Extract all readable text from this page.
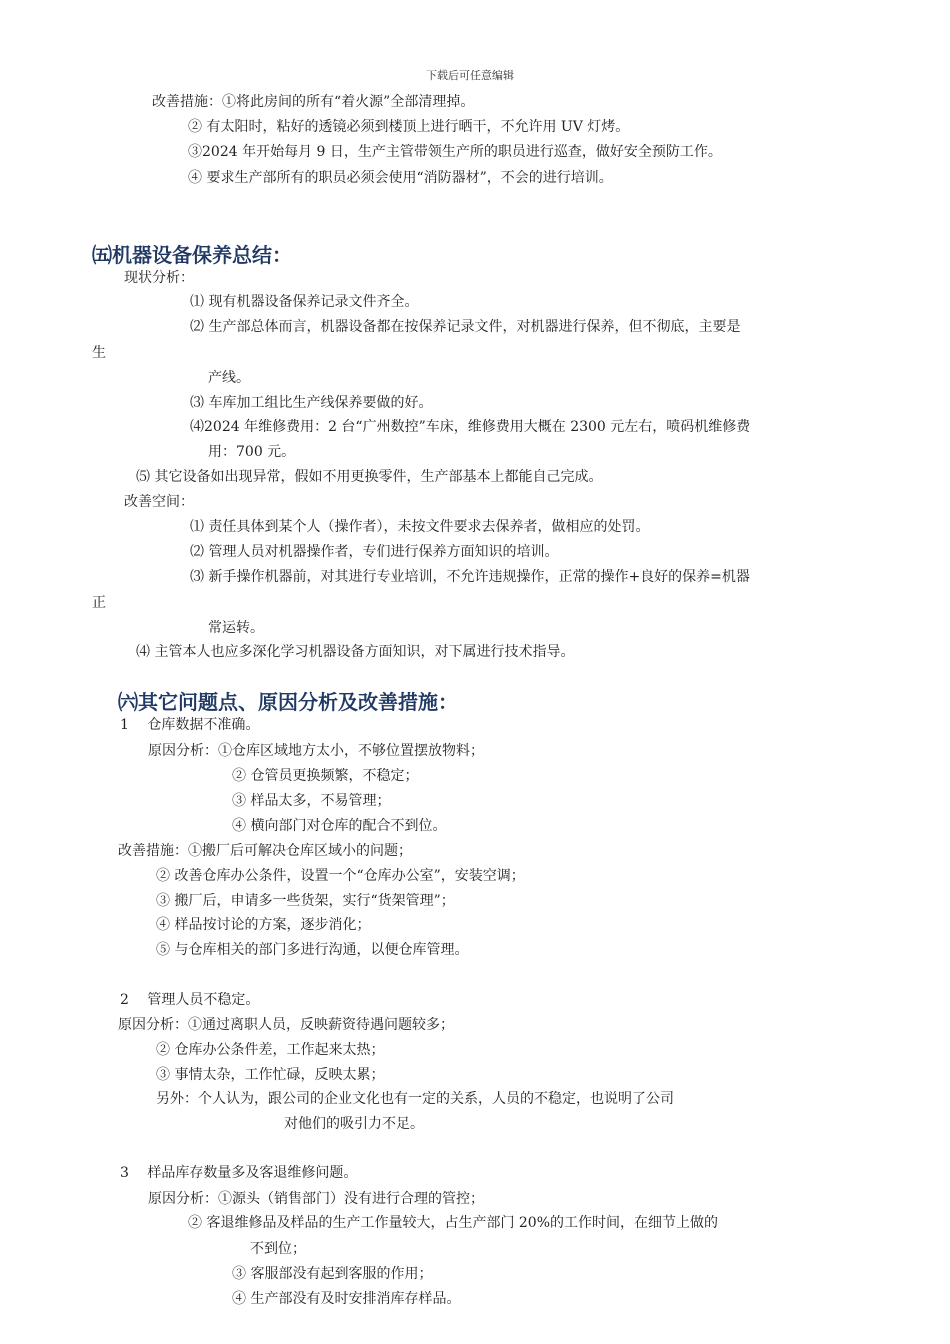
下载后可任意编辑
改善措施：①将此房间的所有“着火源”全部清理掉。
② 有太阳时，粘好的透镜必须到楼顶上进行晒干，不允许用 UV 灯烤。
③2024 年开始每月 9 日，生产主管带领生产所的职员进行巡查，做好安全预防工作。
④ 要求生产部所有的职员必须会使用“消防器材”，不会的进行培训。
㈤机器设备保养总结：
现状分析：
⑴ 现有机器设备保养记录文件齐全。
⑵ 生产部总体而言，机器设备都在按保养记录文件，对机器进行保养，但不彻底，主要是
生
产线。
⑶ 车库加工组比生产线保养要做的好。
⑷2024 年维修费用：2 台“广州数控”车床，维修费用大概在 2300 元左右，喷码机维修费
用：700 元。
⑸ 其它设备如出现异常，假如不用更换零件，生产部基本上都能自己完成。
改善空间：
⑴ 责任具体到某个人（操作者），未按文件要求去保养者，做相应的处罚。
⑵ 管理人员对机器操作者，专们进行保养方面知识的培训。
⑶ 新手操作机器前，对其进行专业培训，不允许违规操作，正常的操作+良好的保养=机器
正
常运转。
⑷ 主管本人也应多深化学习机器设备方面知识，对下属进行技术指导。
㈥其它问题点、原因分析及改善措施：
1　 仓库数据不准确。
原因分析：①仓库区域地方太小，不够位置摆放物料；
② 仓管员更换频繁，不稳定；
③ 样品太多，不易管理；
④ 横向部门对仓库的配合不到位。
改善措施：①搬厂后可解决仓库区域小的问题；
② 改善仓库办公条件，设置一个“仓库办公室”，安装空调；
③ 搬厂后，申请多一些货架，实行“货架管理”；
④ 样品按讨论的方案，逐步消化；
⑤ 与仓库相关的部门多进行沟通，以便仓库管理。
2　 管理人员不稳定。
原因分析：①通过离职人员，反映薪资待遇问题较多；
② 仓库办公条件差，工作起来太热；
③ 事情太杂，工作忙碌，反映太累；
另外：个人认为，跟公司的企业文化也有一定的关系，人员的不稳定，也说明了公司
对他们的吸引力不足。
3　 样品库存数量多及客退维修问题。
原因分析：①源头（销售部门）没有进行合理的管控；
② 客退维修品及样品的生产工作量较大，占生产部门 20%的工作时间，在细节上做的
不到位；
③ 客服部没有起到客服的作用；
④ 生产部没有及时安排消库存样品。
